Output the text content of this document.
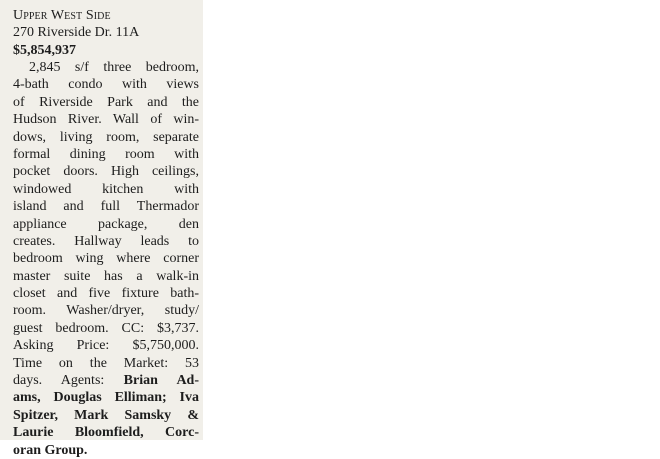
Upper West Side
270 Riverside Dr. 11A
$5,854,937
2,845 s/f three bedroom,
4-bath condo with views
of Riverside Park and the
Hudson River. Wall of win-
dows, living room, separate
formal dining room with
pocket doors. High ceilings,
windowed kitchen with
island and full Thermador
appliance package, den
creates. Hallway leads to
bedroom wing where corner
master suite has a walk-in
closet and five fixture bath-
room. Washer/dryer, study/
guest bedroom. CC: $3,737.
Asking Price: $5,750,000.
Time on the Market: 53
days. Agents: Brian Ad-
ams, Douglas Elliman; Iva
Spitzer, Mark Samsky &
Laurie Bloomfield, Corc-
oran Group.
